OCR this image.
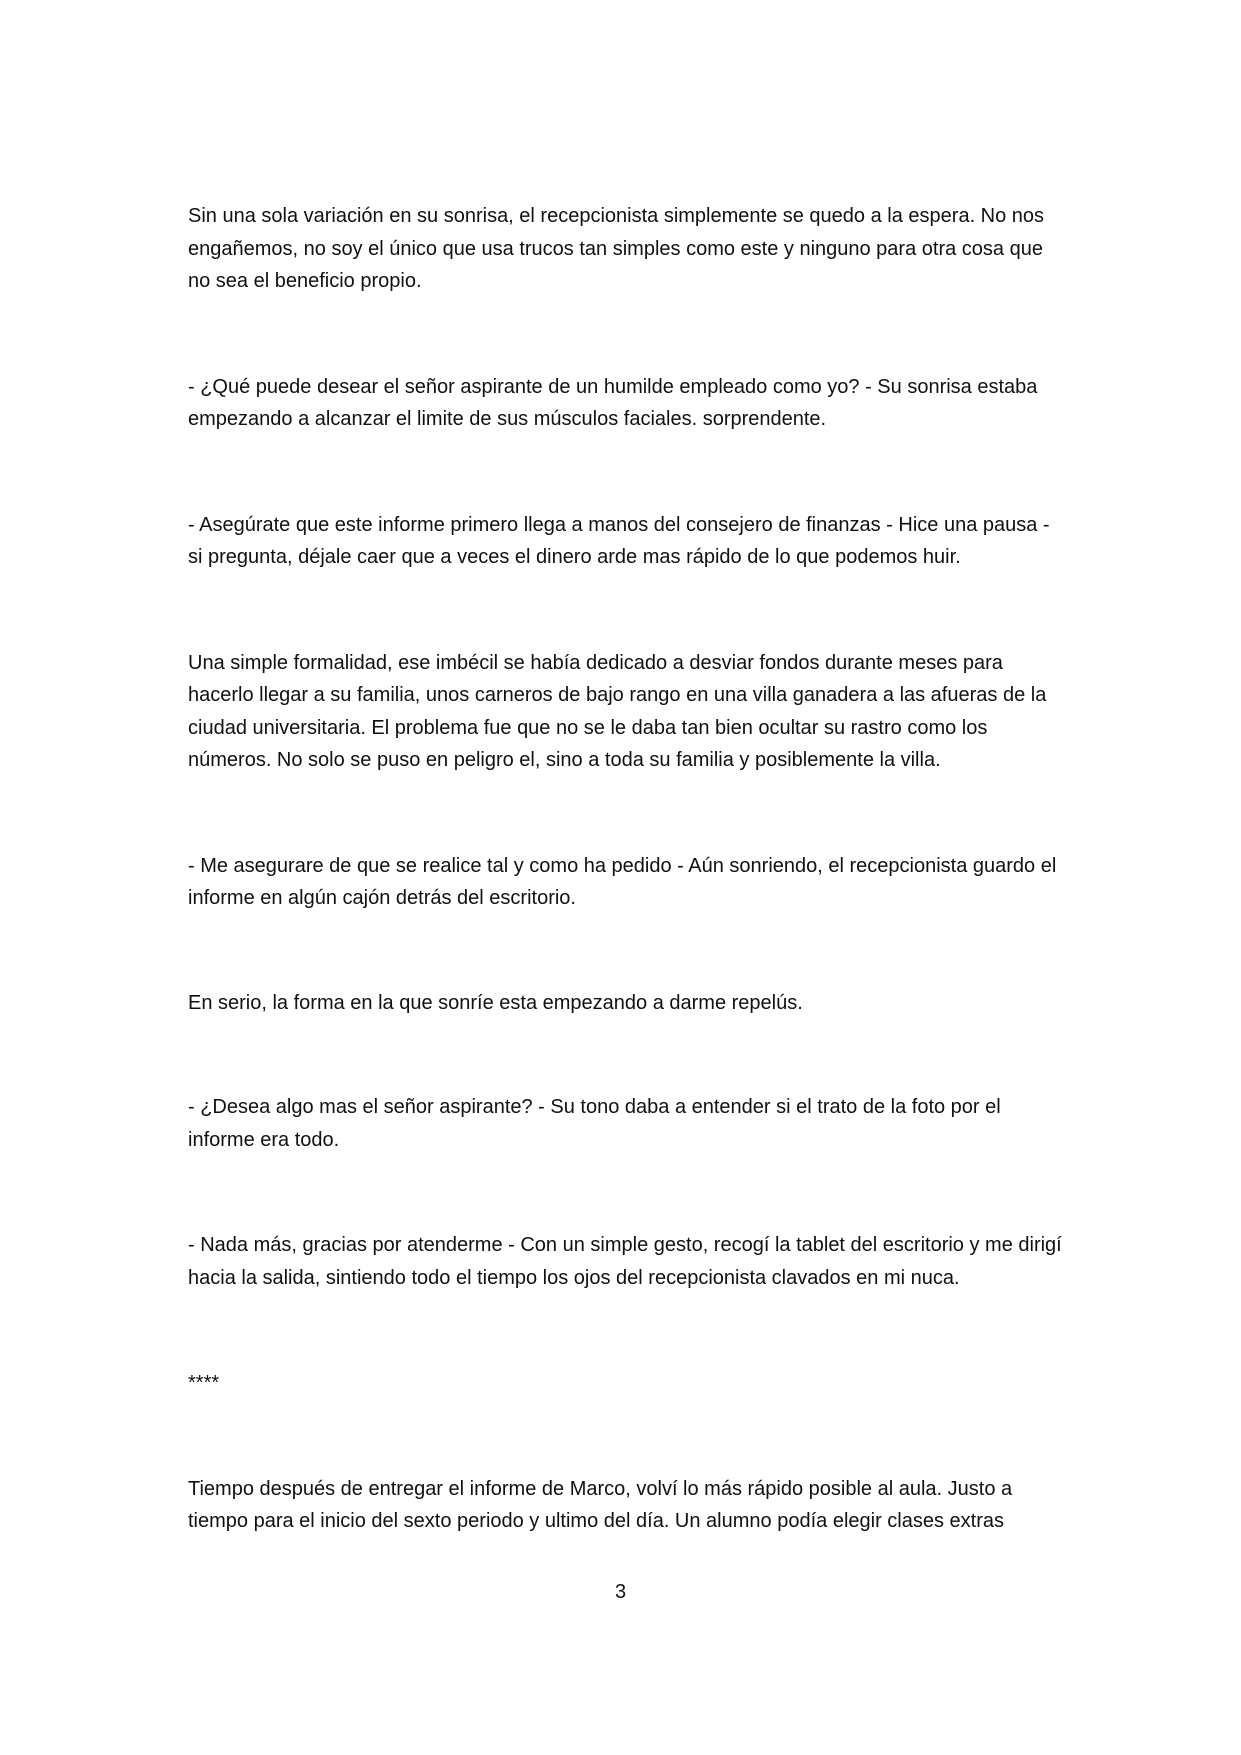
Sin una sola variación en su sonrisa, el recepcionista simplemente se quedo a la espera. No nos engañemos, no soy el único que usa trucos tan simples como este y ninguno para otra cosa que no sea el beneficio propio.

- ¿Qué puede desear el señor aspirante de un humilde empleado como yo? - Su sonrisa estaba empezando a alcanzar el limite de sus músculos faciales. sorprendente.

- Asegúrate que este informe primero llega a manos del consejero de finanzas - Hice una pausa - si pregunta, déjale caer que a veces el dinero arde mas rápido de lo que podemos huir.

Una simple formalidad, ese imbécil se había dedicado a desviar fondos durante meses para hacerlo llegar a su familia, unos carneros de bajo rango en una villa ganadera a las afueras de la ciudad universitaria. El problema fue que no se le daba tan bien ocultar su rastro como los números. No solo se puso en peligro el, sino a toda su familia y posiblemente la villa.

- Me asegurare de que se realice tal y como ha pedido - Aún sonriendo, el recepcionista guardo el informe en algún cajón detrás del escritorio.

En serio, la forma en la que sonríe esta empezando a darme repelús.

- ¿Desea algo mas el señor aspirante? - Su tono daba a entender si el trato de la foto por el informe era todo.

- Nada más, gracias por atenderme - Con un simple gesto, recogí la tablet del escritorio y me dirigí hacia la salida, sintiendo todo el tiempo los ojos del recepcionista clavados en mi nuca.

****

Tiempo después de entregar el informe de Marco, volví lo más rápido posible al aula. Justo a tiempo para el inicio del sexto periodo y ultimo del día. Un alumno podía elegir clases extras

3
